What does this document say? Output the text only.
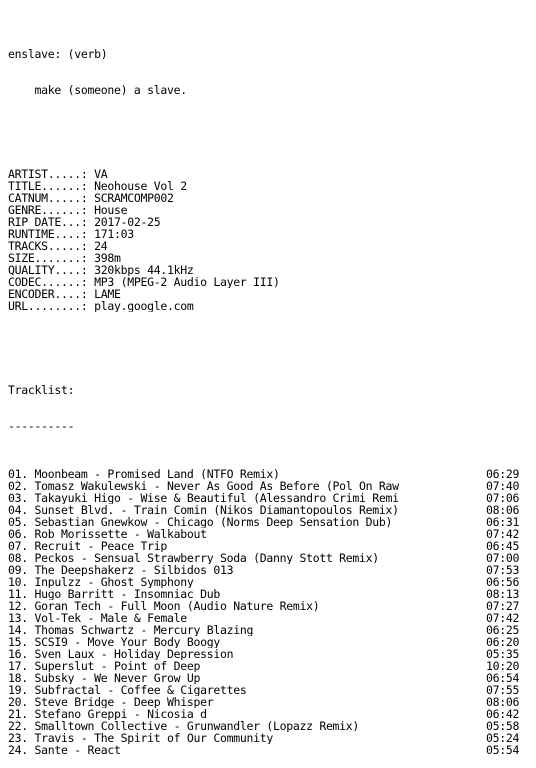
enslave: (verb)

make (someone) a slave.

ARTIST.....: VA
TITLE......: Neohouse Vol 2
CATNUM.....: SCRAMCOMP002
GENRE......: House
RIP DATE...: 2017-02-25
RUNTIME....: 171:03
TRACKS.....: 24
SIZE.......: 398m
QUALITY....: 320kbps 44.1kHz
CODEC......: MP3 (MPEG-2 Audio Layer III)
ENCODER....: LAME
URL........: play.google.com

Tracklist:

----------

01. Moonbeam - Promised Land (NTFO Remix)	06:29
02. Tomasz Wakulewski - Never As Good As Before (Pol_On Raw	07:40
03. Takayuki Higo - Wise & Beautiful (Alessandro Crimi Remi	07:06
04. Sunset Blvd. - Train Comin (Nikos Diamantopoulos Remix)	08:06
05. Sebastian Gnewkow - Chicago (Norms Deep Sensation Dub)	06:31
06. Rob Morissette - Walkabout	07:42
07. Recruit - Peace Trip	06:45
08. Peckos - Sensual Strawberry Soda (Danny Stott Remix)	07:00
09. The Deepshakerz - Silbidos 013	07:53
10. Inpulzz - Ghost Symphony	06:56
11. Hugo Barritt - Insomniac Dub	08:13
12. Goran Tech - Full Moon (Audio Nature Remix)	07:27
13. Vol-Tek - Male & Female	07:42
14. Thomas Schwartz - Mercury Blazing	06:25
15. SCSI9 - Move Your Body Boogy	06:20
16. Sven Laux - Holiday Depression	05:35
17. Superslut - Point of Deep	10:20
18. Subsky - We Never Grow Up	06:54
19. Subfractal - Coffee & Cigarettes	07:55
20. Steve Bridge - Deep Whisper	08:06
21. Stefano Greppi - Nicosia_d	06:42
22. Smalltown Collective - Grunwandler (Lopazz Remix)	05:58
23. Travis - The Spirit of Our Community	05:24
24. Sante - React	05:54
